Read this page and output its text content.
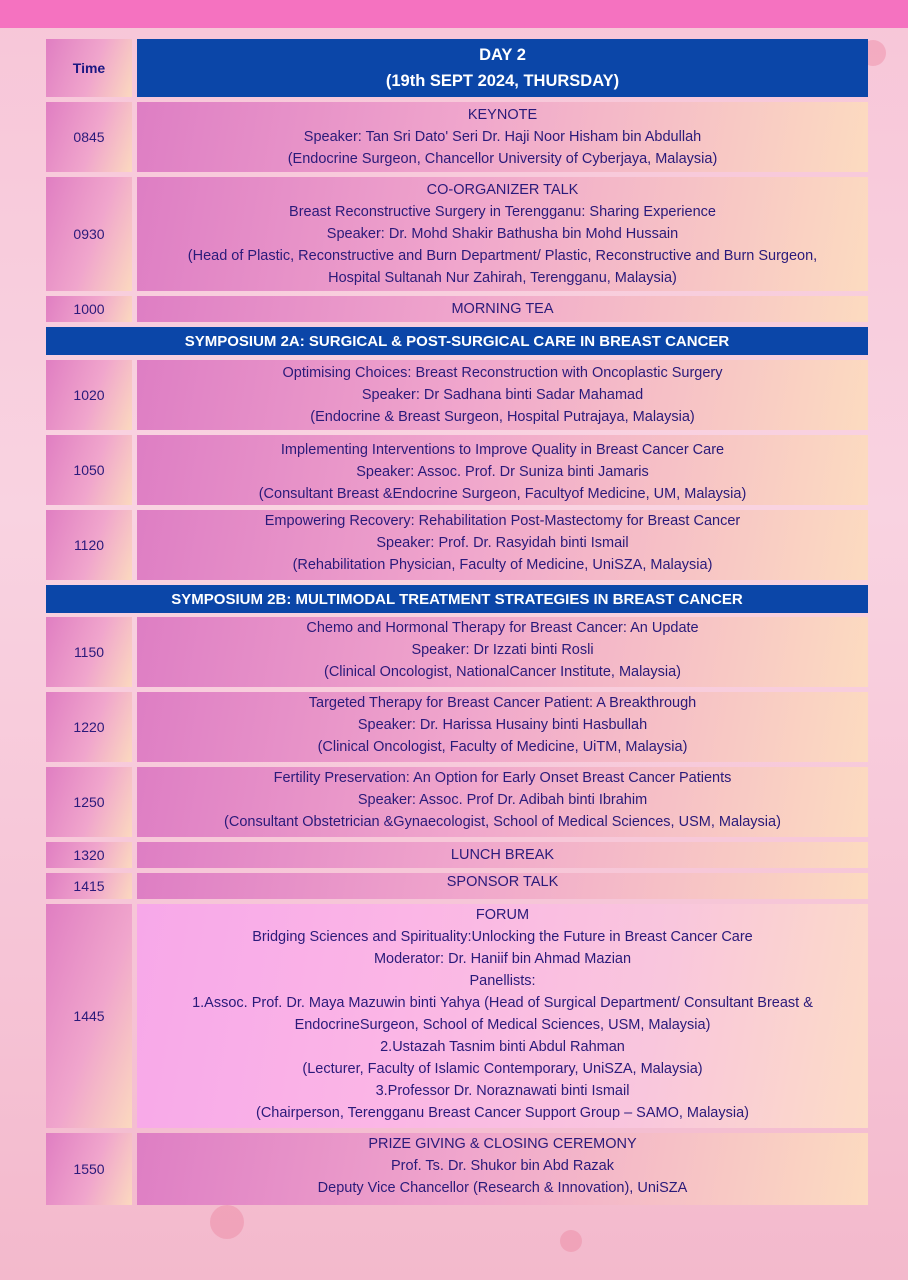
Time
DAY 2
(19th SEPT 2024, THURSDAY)
0845
KEYNOTE
Speaker: Tan Sri Dato' Seri Dr. Haji Noor Hisham bin Abdullah
(Endocrine Surgeon, Chancellor University of Cyberjaya, Malaysia)
0930
CO-ORGANIZER TALK
Breast Reconstructive Surgery in Terengganu: Sharing Experience
Speaker: Dr. Mohd Shakir Bathusha bin Mohd Hussain
(Head of Plastic, Reconstructive and Burn Department/ Plastic, Reconstructive and Burn Surgeon,
Hospital Sultanah Nur Zahirah, Terengganu, Malaysia)
1000	MORNING TEA
SYMPOSIUM 2A: SURGICAL & POST-SURGICAL CARE IN BREAST CANCER
1020
Optimising Choices: Breast Reconstruction with Oncoplastic Surgery
Speaker: Dr Sadhana binti Sadar Mahamad
(Endocrine & Breast Surgeon, Hospital Putrajaya, Malaysia)
1050
Implementing Interventions to Improve Quality in Breast Cancer Care
Speaker: Assoc. Prof. Dr Suniza binti Jamaris
(Consultant Breast &Endocrine Surgeon, Facultyof Medicine, UM, Malaysia)
1120
Empowering Recovery: Rehabilitation Post-Mastectomy for Breast Cancer
Speaker: Prof. Dr. Rasyidah binti Ismail
(Rehabilitation Physician, Faculty of Medicine, UniSZA, Malaysia)
SYMPOSIUM 2B: MULTIMODAL TREATMENT STRATEGIES IN BREAST CANCER
1150
Chemo and Hormonal Therapy for Breast Cancer: An Update
Speaker: Dr Izzati binti Rosli
(Clinical Oncologist, NationalCancer Institute, Malaysia)
1220
Targeted Therapy for Breast Cancer Patient: A Breakthrough
Speaker: Dr. Harissa Husainy binti Hasbullah
(Clinical Oncologist, Faculty of Medicine, UiTM, Malaysia)
1250
Fertility Preservation: An Option for Early Onset Breast Cancer Patients
Speaker: Assoc. Prof Dr. Adibah binti Ibrahim
(Consultant Obstetrician &Gynaecologist, School of Medical Sciences, USM, Malaysia)
1320	LUNCH BREAK
1415	SPONSOR TALK
1445
FORUM
Bridging Sciences and Spirituality:Unlocking the Future in Breast Cancer Care
Moderator: Dr. Haniif bin Ahmad Mazian
Panellists:
1.Assoc. Prof. Dr. Maya Mazuwin binti Yahya (Head of Surgical Department/ Consultant Breast &
EndocrineSurgeon, School of Medical Sciences, USM, Malaysia)
2.Ustazah Tasnim binti Abdul Rahman
(Lecturer, Faculty of Islamic Contemporary, UniSZA, Malaysia)
3.Professor Dr. Noraznawati binti Ismail
(Chairperson, Terengganu Breast Cancer Support Group – SAMO, Malaysia)
1550
PRIZE GIVING & CLOSING CEREMONY
Prof. Ts. Dr. Shukor bin Abd Razak
Deputy Vice Chancellor (Research & Innovation), UniSZA
